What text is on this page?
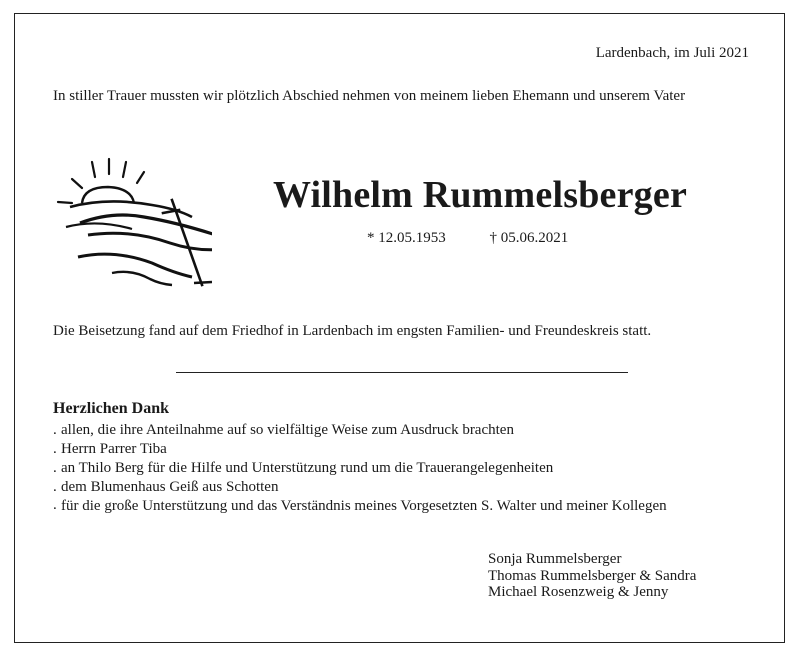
Lardenbach, im Juli 2021
In stiller Trauer mussten wir plötzlich Abschied nehmen von meinem lieben Ehemann und unserem Vater
Wilhelm Rummelsberger
* 12.05.1953	† 05.06.2021
Die Beisetzung fand auf dem Friedhof in Lardenbach im engsten Familien- und Freundeskreis statt.
Herzlichen Dank
. allen, die ihre Anteilnahme auf so vielfältige Weise zum Ausdruck brachten
. Herrn Parrer Tiba
. an Thilo Berg für die Hilfe und Unterstützung rund um die Trauerangelegenheiten
. dem Blumenhaus Geiß aus Schotten
. für die große Unterstützung und das Verständnis meines Vorgesetzten S. Walter und meiner Kollegen
Sonja Rummelsberger
Thomas Rummelsberger & Sandra
Michael Rosenzweig & Jenny
